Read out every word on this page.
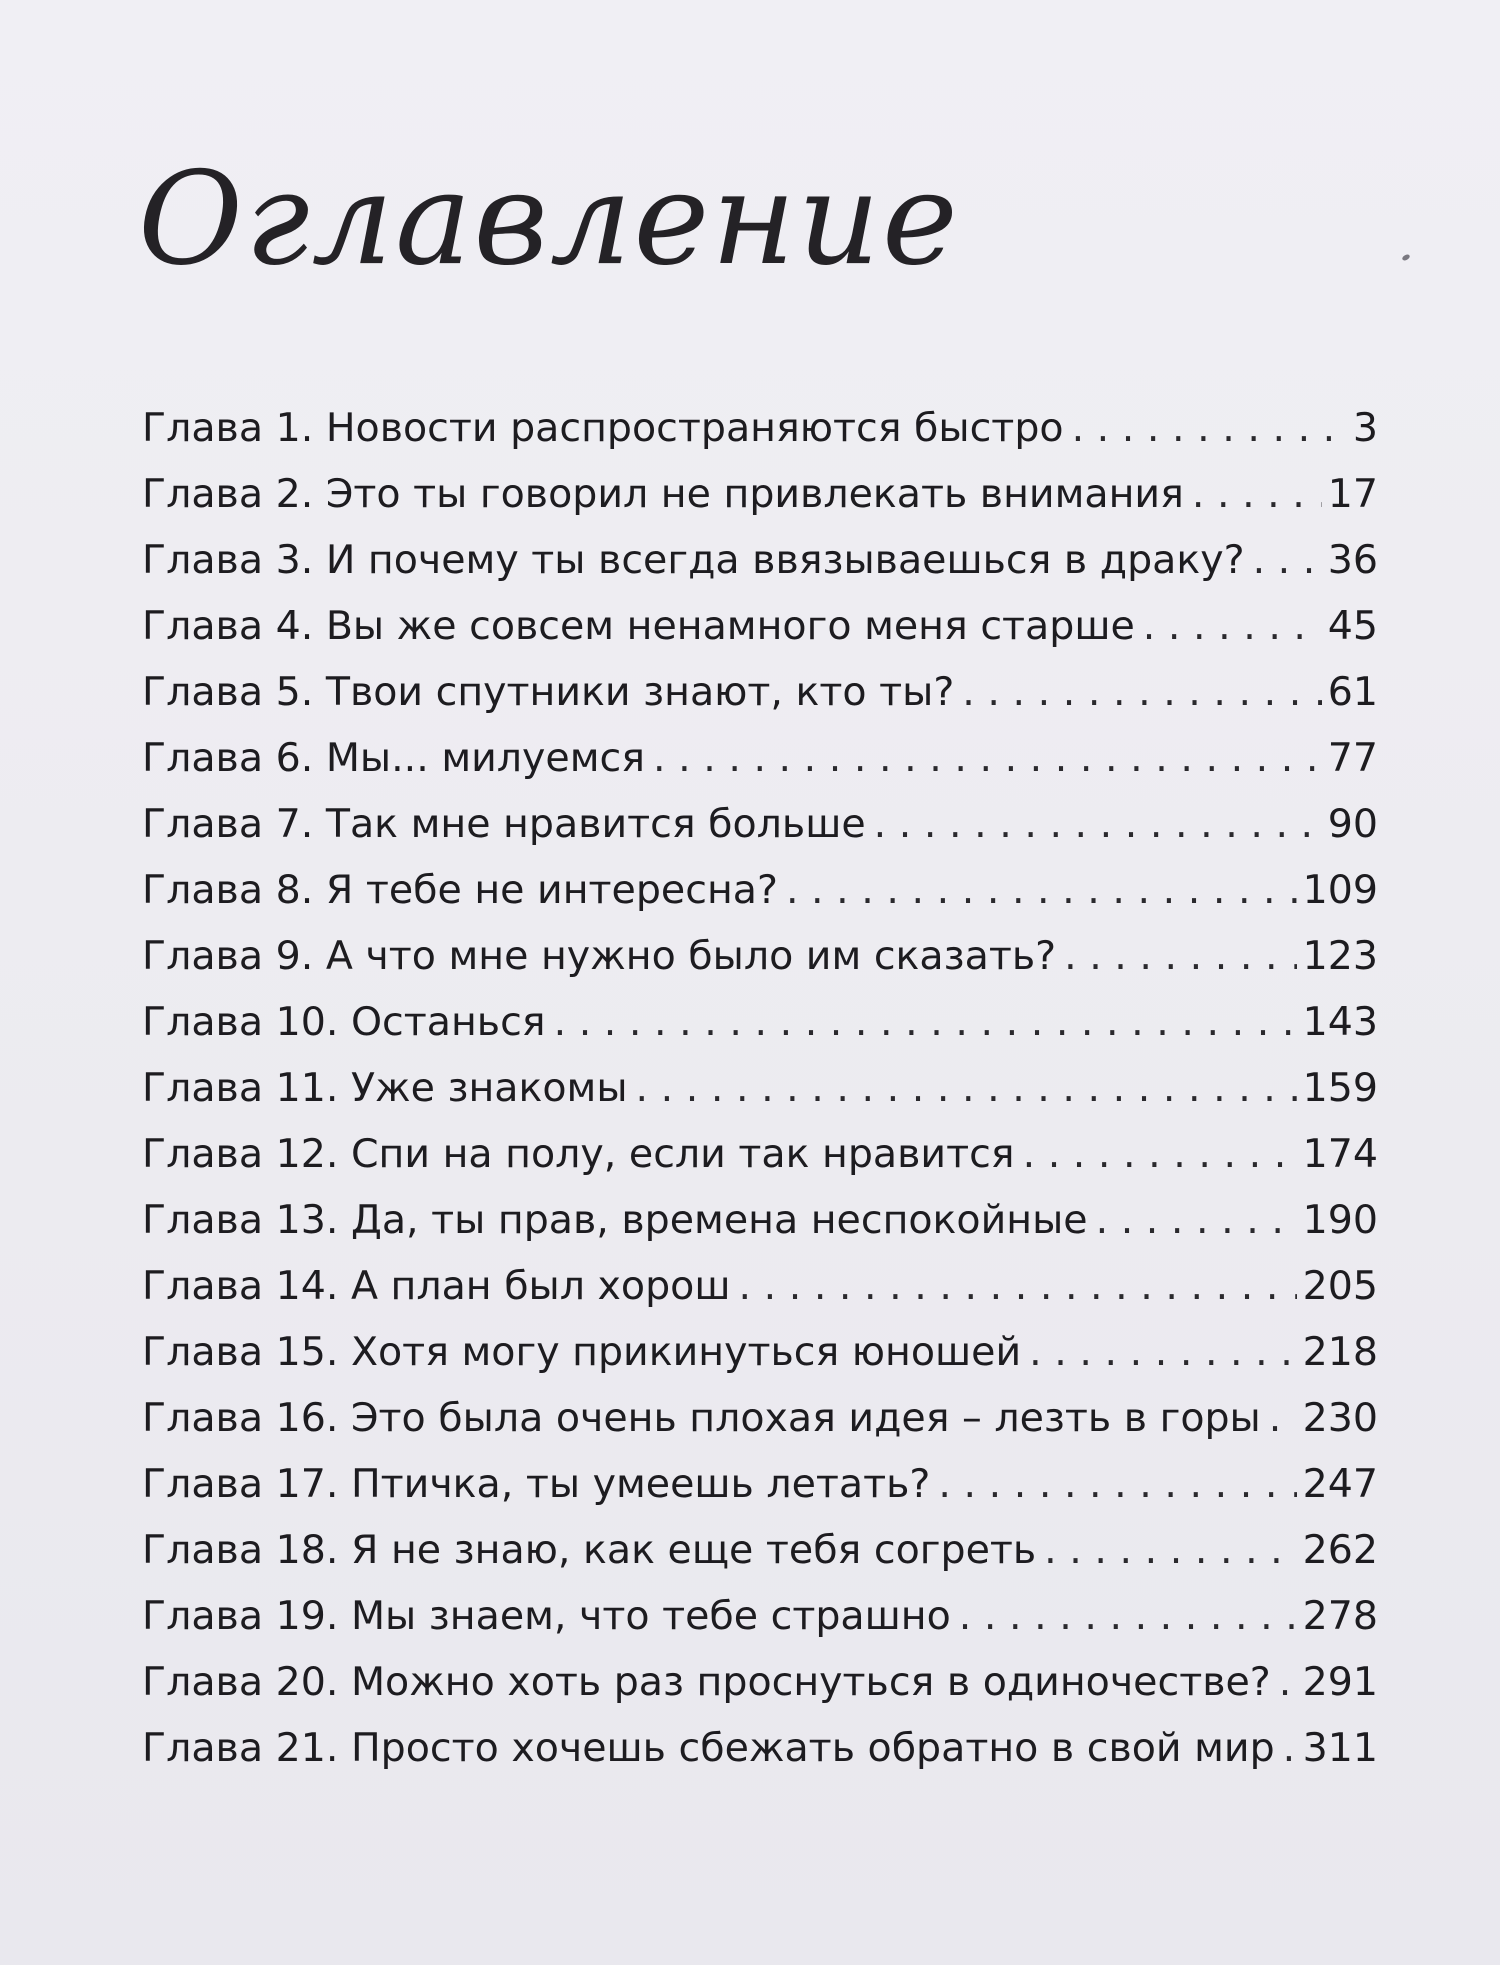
Оглавление
Глава 1. Новости распространяются быстро . . .	3
Глава 2. Это ты говорил не привлекать внимания . . .	17
Глава 3. И почему ты всегда ввязываешься в драку? . . . 36
Глава 4. Вы же совсем ненамного меня старше . . .	45
Глава 5. Твои спутники знают, кто ты? . . .	61
Глава 6. Мы... милуемся . . .	77
Глава 7. Так мне нравится больше . . .	90
Глава 8. Я тебе не интересна? . . .	109
Глава 9. А что мне нужно было им сказать? . . .	123
Глава 10. Останься . . .	143
Глава 11. Уже знакомы . . .	159
Глава 12. Спи на полу, если так нравится . . .	174
Глава 13. Да, ты прав, времена неспокойные . . .	190
Глава 14. А план был хорош . . .	205
Глава 15. Хотя могу прикинуться юношей . . .	218
Глава 16. Это была очень плохая идея – лезть в горы . . . 230
Глава 17. Птичка, ты умеешь летать? . . .	247
Глава 18. Я не знаю, как еще тебя согреть . . .	262
Глава 19. Мы знаем, что тебе страшно . . .	278
Глава 20. Можно хоть раз проснуться в одиночестве? . . . 291
Глава 21. Просто хочешь сбежать обратно в свой мир . . . 311
